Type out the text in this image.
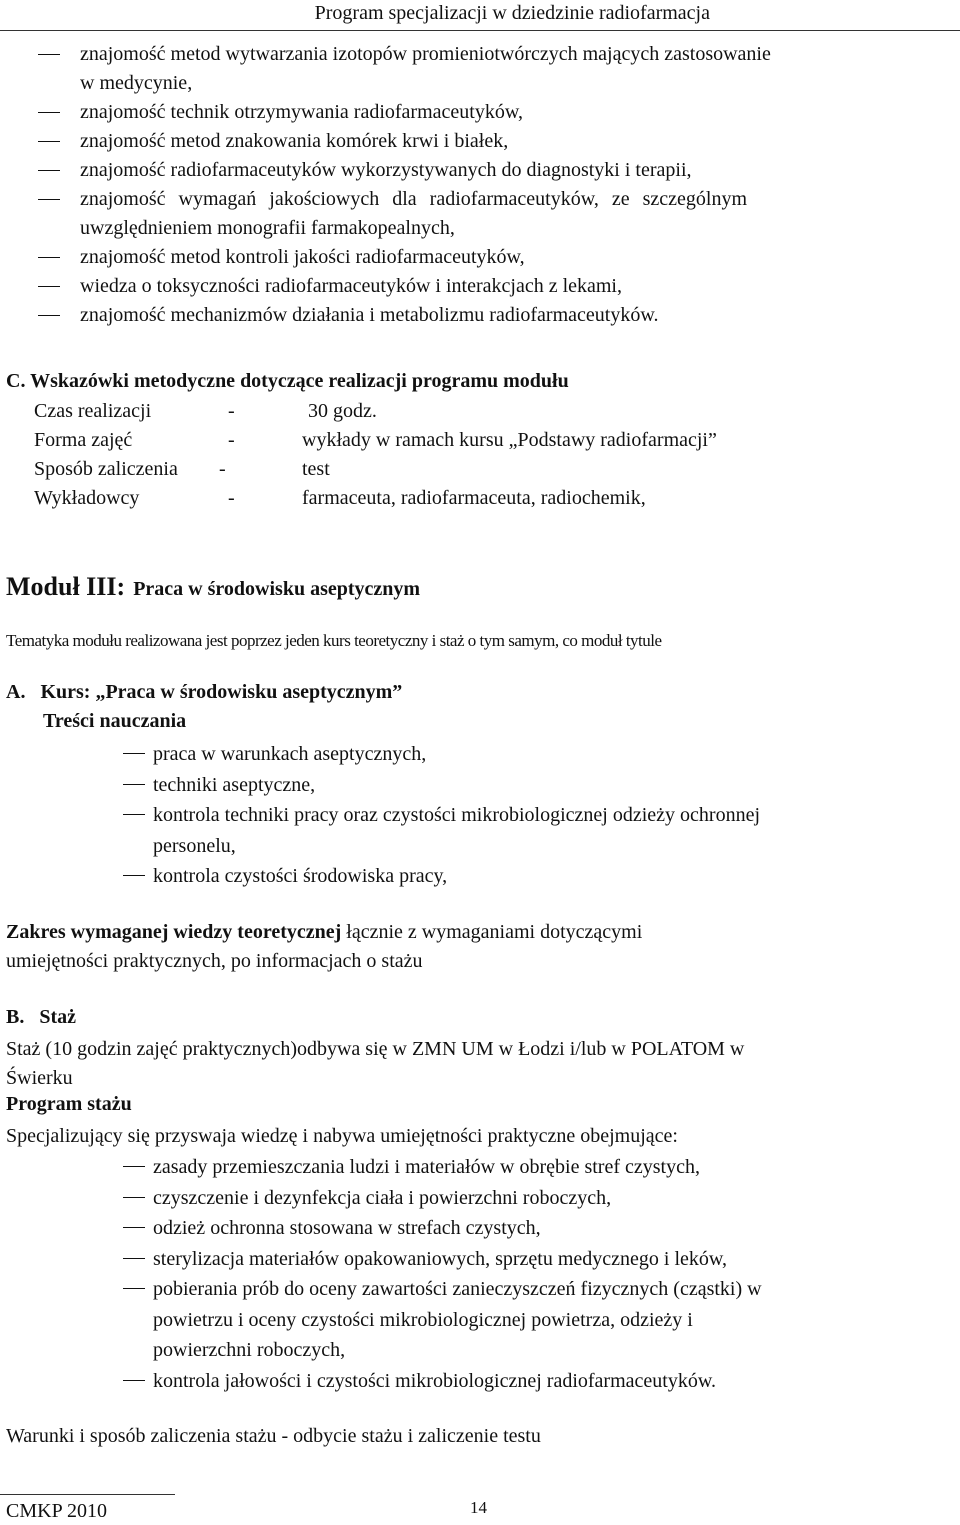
Program specjalizacji w dziedzinie radiofarmacja
znajomość metod wytwarzania izotopów promieniotwórczych mających zastosowanie
w medycynie,
znajomość technik otrzymywania radiofarmaceutyków,
znajomość metod znakowania komórek krwi i białek,
znajomość radiofarmaceutyków wykorzystywanych do diagnostyki i terapii,
znajomość wymagań jakościowych dla radiofarmaceutyków, ze szczególnym
uwzględnieniem monografii farmakopealnych,
znajomość metod kontroli jakości radiofarmaceutyków,
wiedza o toksyczności radiofarmaceutyków i interakcjach z lekami,
znajomość mechanizmów działania i metabolizmu radiofarmaceutyków.
C. Wskazówki metodyczne dotyczące realizacji programu modułu
Czas realizacji	-	30 godz.
Forma zajęć	-	wykłady w ramach kursu „Podstawy radiofarmacji”
Sposób zaliczenia -	test
Wykładowcy	-	farmaceuta, radiofarmaceuta, radiochemik,
Moduł III: Praca w środowisku aseptycznym
Tematyka modułu realizowana jest poprzez jeden kurs teoretyczny i staż o tym samym, co moduł tytule
A. Kurs: „Praca w środowisku aseptycznym”
Treści nauczania
praca w warunkach aseptycznych,
techniki aseptyczne,
kontrola techniki pracy oraz czystości mikrobiologicznej odzieży ochronnej
personelu,
kontrola czystości środowiska pracy,
Zakres wymaganej wiedzy teoretycznej łącznie z wymaganiami dotyczącymi
umiejętności praktycznych, po informacjach o stażu
B. Staż
Staż (10 godzin zajęć praktycznych)odbywa się w ZMN UM w Łodzi i/lub w POLATOM w
Świerku
Program stażu
Specjalizujący się przyswaja wiedzę i nabywa umiejętności praktyczne obejmujące:
zasady przemieszczania ludzi i materiałów w obrębie stref czystych,
czyszczenie i dezynfekcja ciała i powierzchni roboczych,
odzież ochronna stosowana w strefach czystych,
sterylizacja materiałów opakowaniowych, sprzętu medycznego i leków,
pobierania prób do oceny zawartości zanieczyszczeń fizycznych (cząstki) w
powietrzu i oceny czystości mikrobiologicznej powietrza, odzieży i
powierzchni roboczych,
kontrola jałowości i czystości mikrobiologicznej radiofarmaceutyków.
Warunki i sposób zaliczenia stażu - odbycie stażu i zaliczenie testu
CMKP 2010	14
